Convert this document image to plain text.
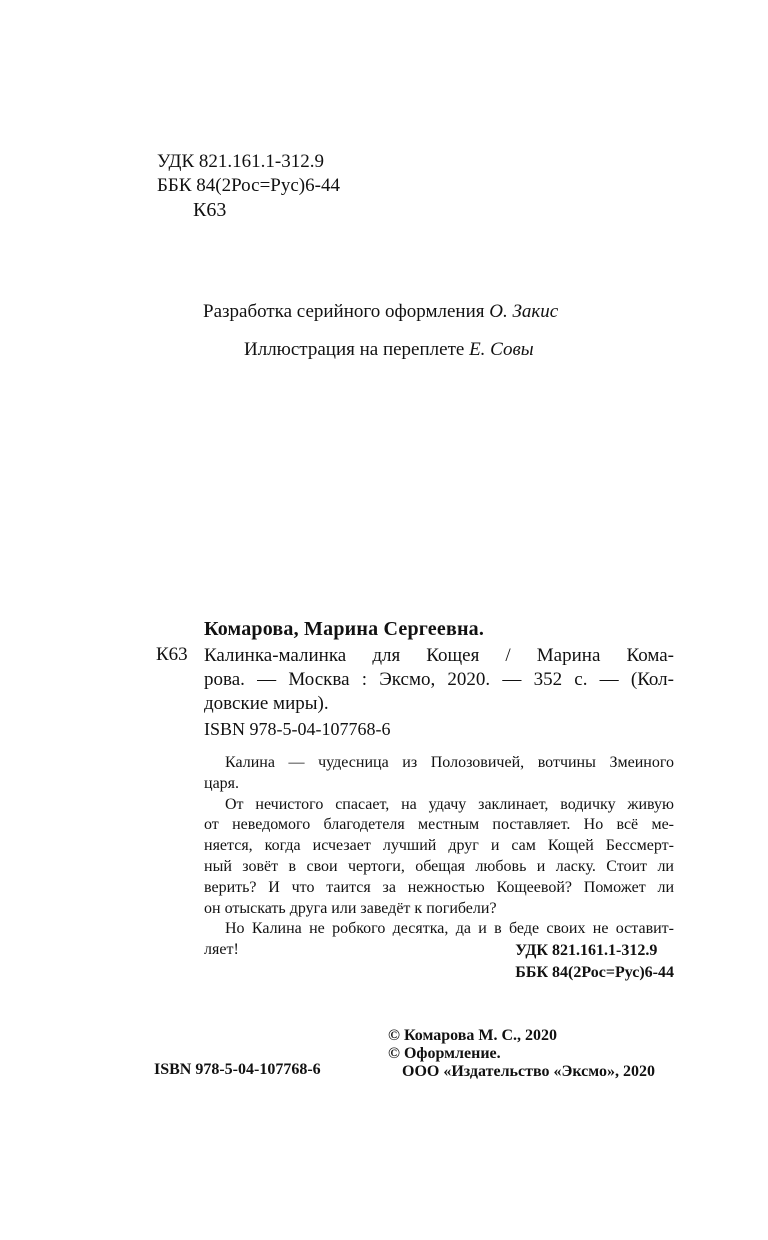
УДК 821.161.1-312.9
ББК 84(2Рос=Рус)6-44
К63
Разработка серийного оформления О. Закис
Иллюстрация на переплете Е. Совы
Комарова, Марина Сергеевна.
К63 Калинка-малинка для Кощея / Марина Кома-
рова. — Москва : Эксмо, 2020. — 352 с. — (Кол-
довские миры).
ISBN 978-5-04-107768-6
Калина — чудесница из Полозовичей, вотчины Змеиного
царя.
От нечистого спасает, на удачу заклинает, водичку живую
от неведомого благодетеля местным поставляет. Но всё ме-
няется, когда исчезает лучший друг и сам Кощей Бессмерт-
ный зовёт в свои чертоги, обещая любовь и ласку. Стоит ли
верить? И что таится за нежностью Кощеевой? Поможет ли
он отыскать друга или заведёт к погибели?
Но Калина не робкого десятка, да и в беде своих не оставит-
ляет!	УДК 821.161.1-312.9
ББК 84(2Рос=Рус)6-44
© Комарова М. С., 2020
© Оформление.
ООО «Издательство «Эксмо», 2020
ISBN 978-5-04-107768-6
